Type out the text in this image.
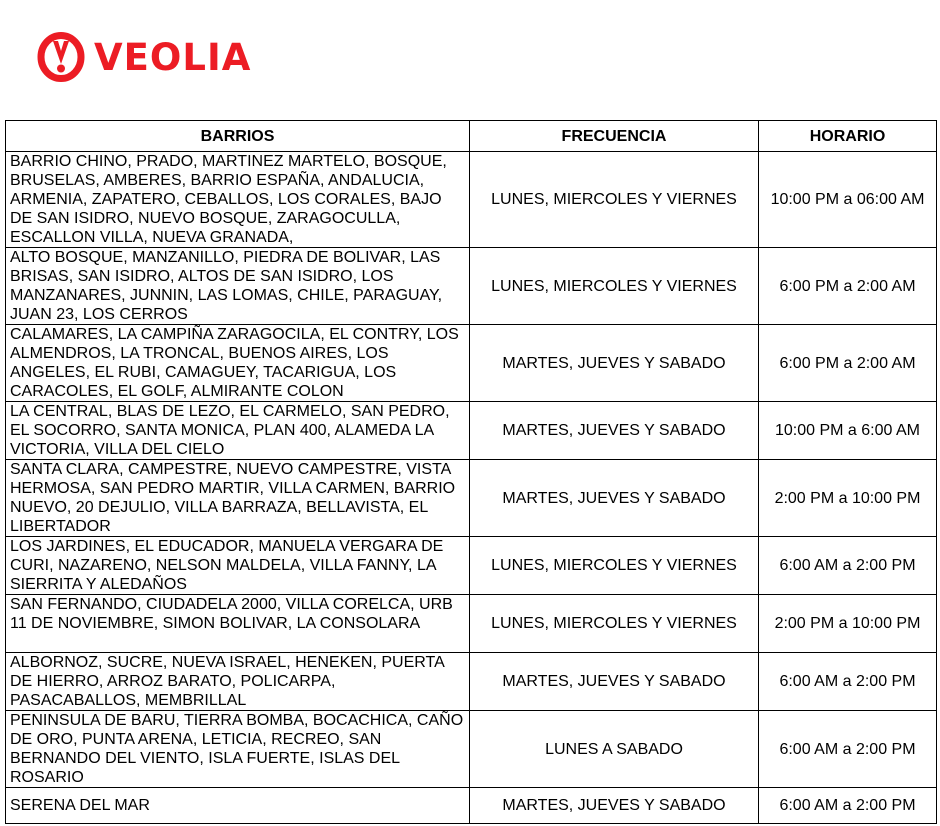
VEOLIA
BARRIOS	FRECUENCIA	HORARIO
BARRIO CHINO, PRADO, MARTINEZ MARTELO, BOSQUE, BRUSELAS, AMBERES, BARRIO ESPAÑA, ANDALUCIA, ARMENIA, ZAPATERO, CEBALLOS, LOS CORALES, BAJO DE SAN ISIDRO, NUEVO BOSQUE, ZARAGOCULLA, ESCALLON VILLA, NUEVA GRANADA,	LUNES, MIERCOLES Y VIERNES	10:00 PM a 06:00 AM
ALTO BOSQUE, MANZANILLO, PIEDRA DE BOLIVAR, LAS BRISAS, SAN ISIDRO, ALTOS DE SAN ISIDRO, LOS MANZANARES, JUNNIN, LAS LOMAS, CHILE, PARAGUAY, JUAN 23, LOS CERROS	LUNES, MIERCOLES Y VIERNES	6:00 PM a 2:00 AM
CALAMARES, LA CAMPIÑA ZARAGOCILA, EL CONTRY, LOS ALMENDROS, LA TRONCAL, BUENOS AIRES, LOS ANGELES, EL RUBI, CAMAGUEY, TACARIGUA, LOS CARACOLES, EL GOLF, ALMIRANTE COLON	MARTES, JUEVES Y SABADO	6:00 PM a 2:00 AM
LA CENTRAL, BLAS DE LEZO, EL CARMELO, SAN PEDRO, EL SOCORRO, SANTA MONICA, PLAN 400, ALAMEDA LA VICTORIA, VILLA DEL CIELO	MARTES, JUEVES Y SABADO	10:00 PM a 6:00 AM
SANTA CLARA, CAMPESTRE, NUEVO CAMPESTRE, VISTA HERMOSA, SAN PEDRO MARTIR, VILLA CARMEN, BARRIO NUEVO, 20 DEJULIO, VILLA BARRAZA, BELLAVISTA, EL LIBERTADOR	MARTES, JUEVES Y SABADO	2:00 PM a 10:00 PM
LOS JARDINES, EL EDUCADOR, MANUELA VERGARA DE CURI, NAZARENO, NELSON MALDELA, VILLA FANNY, LA SIERRITA Y ALEDAÑOS	LUNES, MIERCOLES Y VIERNES	6:00 AM a 2:00 PM
SAN FERNANDO, CIUDADELA 2000, VILLA CORELCA, URB 11 DE NOVIEMBRE, SIMON BOLIVAR, LA CONSOLARA	LUNES, MIERCOLES Y VIERNES	2:00 PM a 10:00 PM
ALBORNOZ, SUCRE, NUEVA ISRAEL, HENEKEN, PUERTA DE HIERRO, ARROZ BARATO, POLICARPA, PASACABALLOS, MEMBRILLAL	MARTES, JUEVES Y SABADO	6:00 AM a 2:00 PM
PENINSULA DE BARU, TIERRA BOMBA, BOCACHICA, CAÑO DE ORO, PUNTA ARENA, LETICIA, RECREO, SAN BERNANDO DEL VIENTO, ISLA FUERTE, ISLAS DEL ROSARIO	LUNES A SABADO	6:00 AM a 2:00 PM
SERENA DEL MAR	MARTES, JUEVES Y SABADO	6:00 AM a 2:00 PM
